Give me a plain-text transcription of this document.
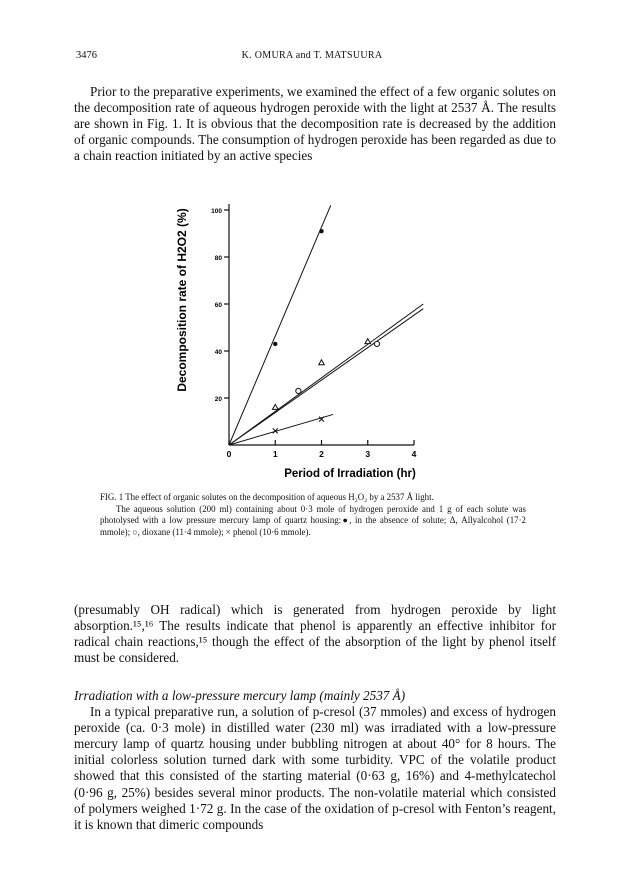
3476	K. OMURA and T. MATSUURA

Prior to the preparative experiments, we examined the effect of a few organic solutes on the decomposition rate of aqueous hydrogen peroxide with the light at 2537 Å. The results are shown in Fig. 1. It is obvious that the decomposition rate is decreased by the addition of organic compounds. The consumption of hydrogen peroxide has been regarded as due to a chain reaction initiated by an active species

0	1	2	3	4
20
40
60
80
100
Period of Irradiation (hr)
Decomposition rate of H2O2 (%)

FIG. 1 The effect of organic solutes on the decomposition of aqueous H₂O₂ by a 2537 Å light.

The aqueous solution (200 ml) containing about 0·3 mole of hydrogen peroxide and 1 g of each solute was photolysed with a low pressure mercury lamp of quartz housing:●, in the absence of solute; Δ, Allyalcohol (17·2 mmole); ○, dioxane (11·4 mmole); × phenol (10·6 mmole).

(presumably OH radical) which is generated from hydrogen peroxide by light absorption.¹⁵,¹⁶ The results indicate that phenol is apparently an effective inhibitor for radical chain reactions,¹⁵ though the effect of the absorption of the light by phenol itself must be considered.

Irradiation with a low-pressure mercury lamp (mainly 2537 Å)

In a typical preparative run, a solution of p-cresol (37 mmoles) and excess of hydrogen peroxide (ca. 0·3 mole) in distilled water (230 ml) was irradiated with a low-pressure mercury lamp of quartz housing under bubbling nitrogen at about 40° for 8 hours. The initial colorless solution turned dark with some turbidity. VPC of the volatile product showed that this consisted of the starting material (0·63 g, 16%) and 4-methylcatechol (0·96 g, 25%) besides several minor products. The non-volatile material which consisted of polymers weighed 1·72 g. In the case of the oxidation of p-cresol with Fenton’s reagent, it is known that dimeric compounds
